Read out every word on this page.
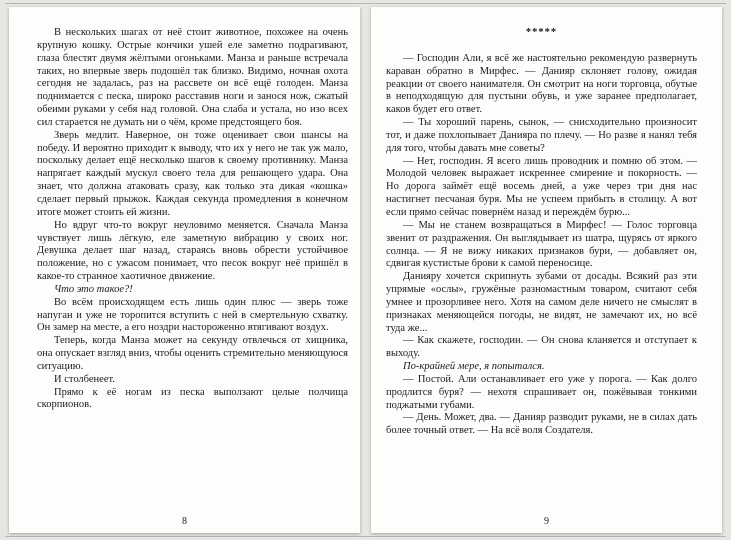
В нескольких шагах от неё стоит животное, похожее на очень крупную кошку. Острые кончики ушей еле заметно подрагивают, глаза блестят двумя жёлтыми огоньками. Манза и раньше встречала таких, но впервые зверь подошёл так близко. Видимо, ночная охота сегодня не задалась, раз на рассвете он всё ещё голоден. Манза поднимается с песка, широко расставив ноги и занося нож, сжатый обеими руками у себя над головой. Она слаба и устала, но изо всех сил старается не думать ни о чём, кроме предстоящего боя.

Зверь медлит. Наверное, он тоже оценивает свои шансы на победу. И вероятно приходит к выводу, что их у него не так уж мало, поскольку делает ещё несколько шагов к своему противнику. Манза напрягает каждый мускул своего тела для решающего удара. Она знает, что должна атаковать сразу, как только эта дикая «кошка» сделает первый прыжок. Каждая секунда промедления в конечном итоге может стоить ей жизни.

Но вдруг что-то вокруг неуловимо меняется. Сначала Манза чувствует лишь лёгкую, еле заметную вибрацию у своих ног. Девушка делает шаг назад, стараясь вновь обрести устойчивое положение, но с ужасом понимает, что песок вокруг неё пришёл в какое-то странное хаотичное движение.

Что это такое?!

Во всём происходящем есть лишь один плюс — зверь тоже напуган и уже не торопится вступить с ней в смертельную схватку. Он замер на месте, а его ноздри настороженно втягивают воздух.

Теперь, когда Манза может на секунду отвлечься от хищника, она опускает взгляд вниз, чтобы оценить стремительно меняющуюся ситуацию.

И столбенеет.

Прямо к её ногам из песка выползают целые полчища скорпионов.

8

*****

— Господин Али, я всё же настоятельно рекомендую развернуть караван обратно в Мирфес. — Данияр склоняет голову, ожидая реакции от своего нанимателя. Он смотрит на ноги торговца, обутые в неподходящую для пустыни обувь, и уже заранее предполагает, каков будет его ответ.

— Ты хороший парень, сынок, — снисходительно произносит тот, и даже похлопывает Данияра по плечу. — Но разве я нанял тебя для того, чтобы давать мне советы?

— Нет, господин. Я всего лишь проводник и помню об этом. — Молодой человек выражает искреннее смирение и покорность. — Но дорога займёт ещё восемь дней, а уже через три дня нас настигнет песчаная буря. Мы не успеем прибыть в столицу. А вот если прямо сейчас повернём назад и переждём бурю...

— Мы не станем возвращаться в Мирфес! — Голос торговца звенит от раздражения. Он выглядывает из шатра, щурясь от яркого солнца. — Я не вижу никаких признаков бури, — добавляет он, сдвигая кустистые брови к самой переносице.

Данияру хочется скрипнуть зубами от досады. Всякий раз эти упрямые «ослы», гружёные разномастным товаром, считают себя умнее и прозорливее него. Хотя на самом деле ничего не смыслят в признаках меняющейся погоды, не видят, не замечают их, но всё туда же...

— Как скажете, господин. — Он снова кланяется и отступает к выходу.

По-крайней мере, я попытался.

— Постой. Али останавливает его уже у порога. — Как долго продлится буря? — нехотя спрашивает он, пожёвывая тонкими поджатыми губами.

— День. Может, два. — Данияр разводит руками, не в силах дать более точный ответ. — На всё воля Создателя.

9
